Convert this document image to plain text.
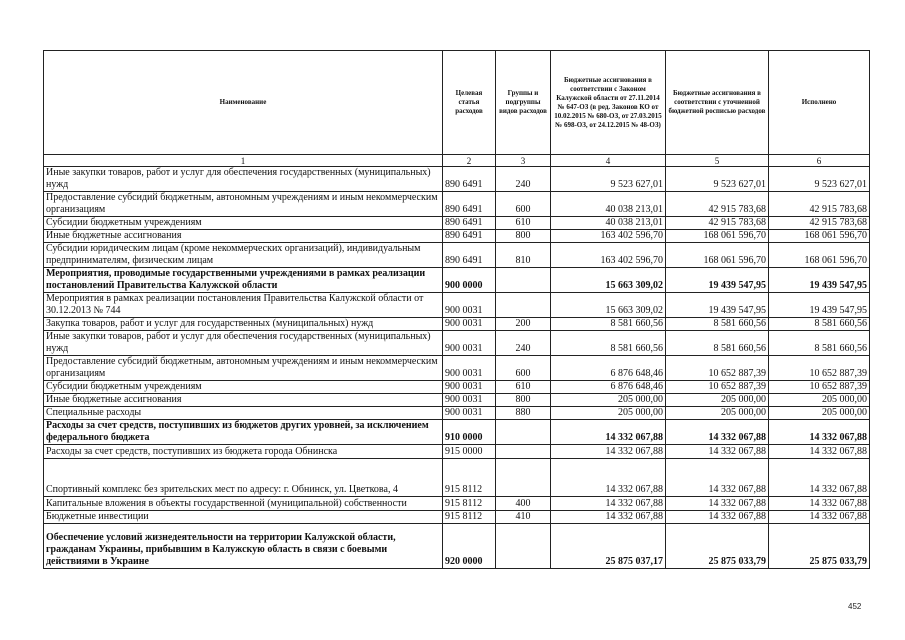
Наименование	Целевая статья расходов	Группы и подгруппы видов расходов	Бюджетные ассигнования в соответствии с Законом Калужской области от 27.11.2014 № 647-ОЗ (в ред. Законов КО от 10.02.2015 № 680-ОЗ, от 27.03.2015 № 698-ОЗ, от 24.12.2015 № 48-ОЗ)	Бюджетные ассигнования в соответствии с уточненной бюджетной росписью расходов	Исполнено
1	2	3	4	5	6
Иные закупки товаров, работ и услуг для обеспечения государственных (муниципальных) нужд	890 6491	240	9 523 627,01	9 523 627,01	9 523 627,01
Предоставление субсидий бюджетным, автономным учреждениям и иным некоммерческим организациям	890 6491	600	40 038 213,01	42 915 783,68	42 915 783,68
Субсидии бюджетным учреждениям	890 6491	610	40 038 213,01	42 915 783,68	42 915 783,68
Иные бюджетные ассигнования	890 6491	800	163 402 596,70	168 061 596,70	168 061 596,70
Субсидии юридическим лицам (кроме некоммерческих организаций), индивидуальным предпринимателям, физическим лицам	890 6491	810	163 402 596,70	168 061 596,70	168 061 596,70
Мероприятия, проводимые государственными учреждениями в рамках реализации постановлений Правительства Калужской области	900 0000		15 663 309,02	19 439 547,95	19 439 547,95
Мероприятия в рамках реализации постановления Правительства Калужской области от 30.12.2013 № 744	900 0031		15 663 309,02	19 439 547,95	19 439 547,95
Закупка товаров, работ и услуг для государственных (муниципальных) нужд	900 0031	200	8 581 660,56	8 581 660,56	8 581 660,56
Иные закупки товаров, работ и услуг для обеспечения государственных (муниципальных) нужд	900 0031	240	8 581 660,56	8 581 660,56	8 581 660,56
Предоставление субсидий бюджетным, автономным учреждениям и иным некоммерческим организациям	900 0031	600	6 876 648,46	10 652 887,39	10 652 887,39
Субсидии бюджетным учреждениям	900 0031	610	6 876 648,46	10 652 887,39	10 652 887,39
Иные бюджетные ассигнования	900 0031	800	205 000,00	205 000,00	205 000,00
Специальные расходы	900 0031	880	205 000,00	205 000,00	205 000,00
Расходы за счет средств, поступивших из бюджетов других уровней, за исключением федерального бюджета	910 0000		14 332 067,88	14 332 067,88	14 332 067,88
Расходы за счет средств, поступивших из бюджета города Обнинска	915 0000		14 332 067,88	14 332 067,88	14 332 067,88
Спортивный комплекс без зрительских мест по адресу: г. Обнинск, ул. Цветкова, 4	915 8112		14 332 067,88	14 332 067,88	14 332 067,88
Капитальные вложения в объекты государственной (муниципальной) собственности	915 8112	400	14 332 067,88	14 332 067,88	14 332 067,88
Бюджетные инвестиции	915 8112	410	14 332 067,88	14 332 067,88	14 332 067,88
Обеспечение условий жизнедеятельности на территории Калужской области, гражданам Украины, прибывшим в Калужскую область в связи с боевыми действиями в Украине	920 0000		25 875 037,17	25 875 033,79	25 875 033,79
452
